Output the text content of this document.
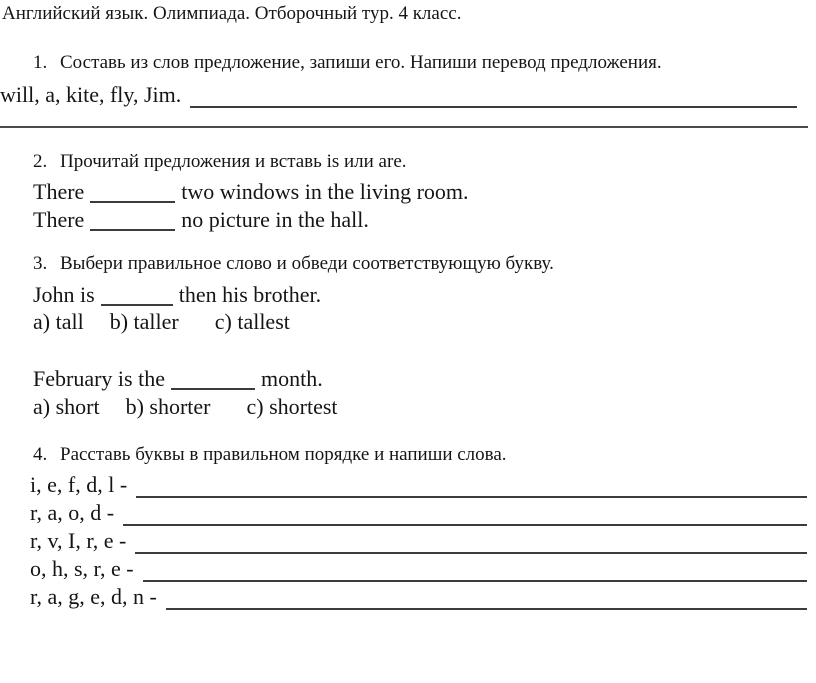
Английский язык. Олимпиада. Отборочный тур. 4 класс.
1. Составь из слов предложение, запиши его. Напиши перевод предложения.
will, a, kite, fly, Jim.
2. Прочитай предложения и вставь is или are.
There	two windows in the living room.
There	no picture in the hall.
3. Выбери правильное слово и обведи соответствующую букву.
John is	then his brother.
a) tall b) taller c) tallest
February is the	month.
a) short b) shorter c) shortest
4. Расставь буквы в правильном порядке и напиши слова.
i, e, f, d, l -
r, a, o, d -
r, v, I, r, e -
o, h, s, r, e -
r, a, g, e, d, n -
